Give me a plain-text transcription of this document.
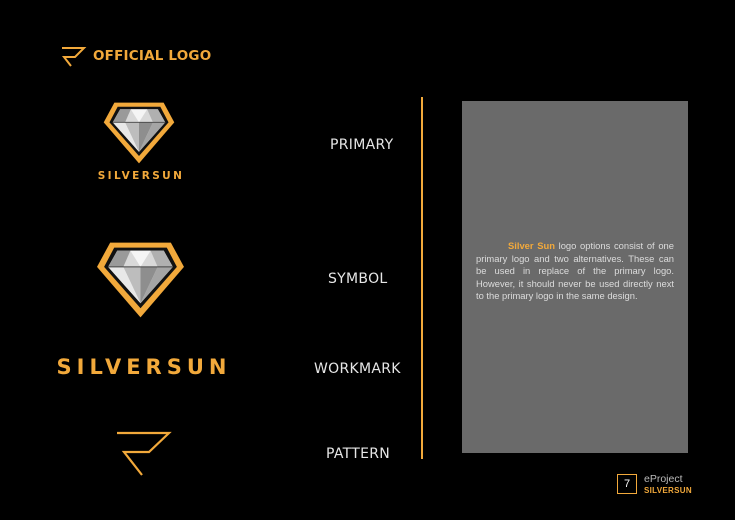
OFFICIAL LOGO
SILVERSUN
SILVERSUN
PRIMARY
SYMBOL
WORKMARK
PATTERN
Silver Sun logo options consist of one primary logo and two alternatives. These can be used in replace of the primary logo. However, it should never be used directly next to the primary logo in the same design.
7	eProject
SILVERSUN
